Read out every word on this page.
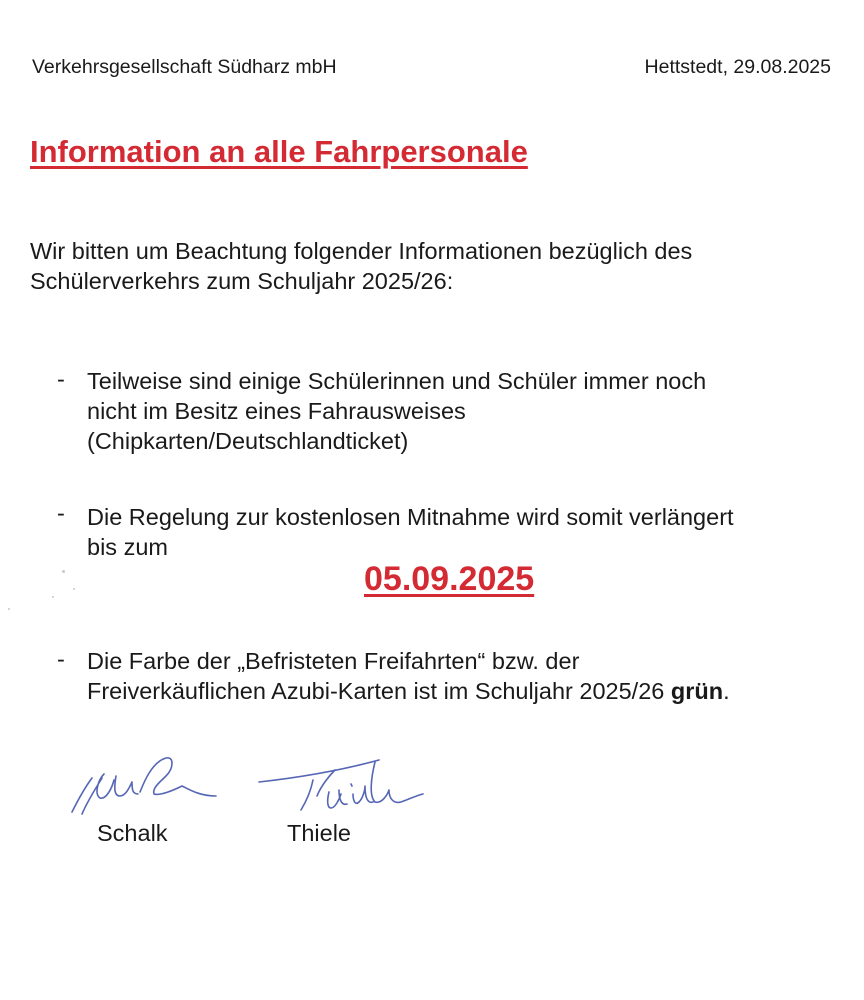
Verkehrsgesellschaft Südharz mbH	Hettstedt, 29.08.2025
Information an alle Fahrpersonale
Wir bitten um Beachtung folgender Informationen bezüglich des
Schülerverkehrs zum Schuljahr 2025/26:
- Teilweise sind einige Schülerinnen und Schüler immer noch
nicht im Besitz eines Fahrausweises
(Chipkarten/Deutschlandticket)
- Die Regelung zur kostenlosen Mitnahme wird somit verlängert
bis zum
05.09.2025
- Die Farbe der „Befristeten Freifahrten“ bzw. der
Freiverkäuflichen Azubi-Karten ist im Schuljahr 2025/26 grün.
Schalk	Thiele
